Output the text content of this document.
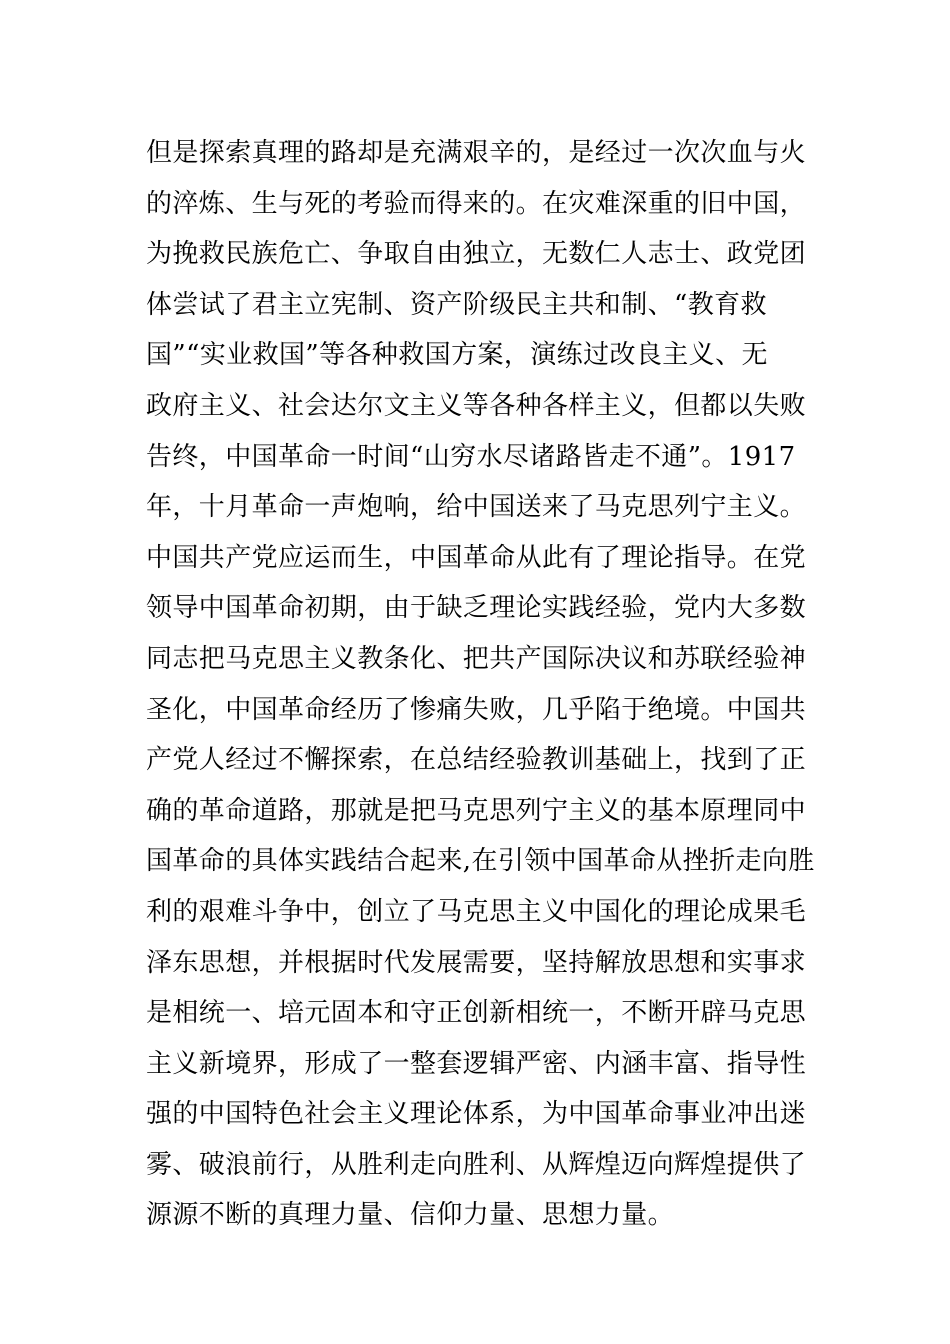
但是探索真理的路却是充满艰辛的，是经过一次次血与火
的淬炼、生与死的考验而得来的。在灾难深重的旧中国，
为挽救民族危亡、争取自由独立，无数仁人志士、政党团
体尝试了君主立宪制、资产阶级民主共和制、“教育救
国”“实业救国”等各种救国方案，演练过改良主义、无
政府主义、社会达尔文主义等各种各样主义，但都以失败
告终，中国革命一时间“山穷水尽诸路皆走不通”。1917
年，十月革命一声炮响，给中国送来了马克思列宁主义。
中国共产党应运而生，中国革命从此有了理论指导。在党
领导中国革命初期，由于缺乏理论实践经验，党内大多数
同志把马克思主义教条化、把共产国际决议和苏联经验神
圣化，中国革命经历了惨痛失败，几乎陷于绝境。中国共
产党人经过不懈探索，在总结经验教训基础上，找到了正
确的革命道路，那就是把马克思列宁主义的基本原理同中
国革命的具体实践结合起来,在引领中国革命从挫折走向胜
利的艰难斗争中，创立了马克思主义中国化的理论成果毛
泽东思想，并根据时代发展需要，坚持解放思想和实事求
是相统一、培元固本和守正创新相统一，不断开辟马克思
主义新境界，形成了一整套逻辑严密、内涵丰富、指导性
强的中国特色社会主义理论体系，为中国革命事业冲出迷
雾、破浪前行，从胜利走向胜利、从辉煌迈向辉煌提供了
源源不断的真理力量、信仰力量、思想力量。
